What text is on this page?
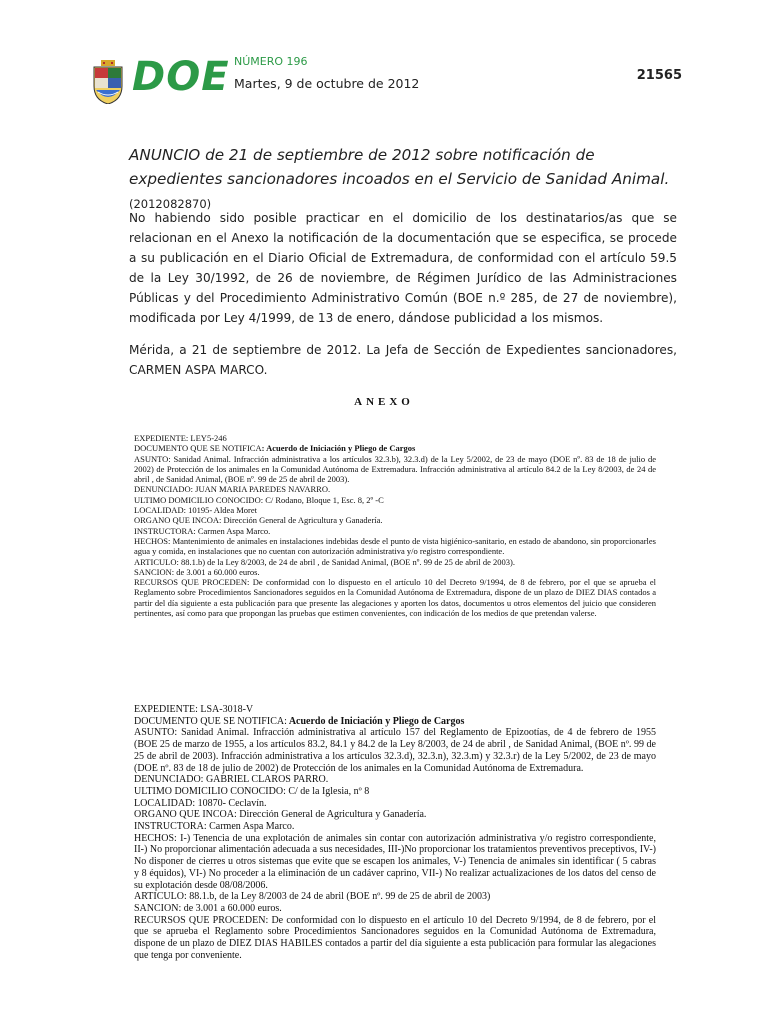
DOE NÚMERO 196
Martes, 9 de octubre de 2012
21565
ANUNCIO de 21 de septiembre de 2012 sobre notificación de expedientes sancionadores incoados en el Servicio de Sanidad Animal. (2012082870)
No habiendo sido posible practicar en el domicilio de los destinatarios/as que se relacionan en el Anexo la notificación de la documentación que se especifica, se procede a su publicación en el Diario Oficial de Extremadura, de conformidad con el artículo 59.5 de la Ley 30/1992, de 26 de noviembre, de Régimen Jurídico de las Administraciones Públicas y del Procedimiento Administrativo Común (BOE n.º 285, de 27 de noviembre), modificada por Ley 4/1999, de 13 de enero, dándose publicidad a los mismos.
Mérida, a 21 de septiembre de 2012. La Jefa de Sección de Expedientes sancionadores, CARMEN ASPA MARCO.
ANEXO
EXPEDIENTE: LEY5-246
DOCUMENTO QUE SE NOTIFICA: Acuerdo de Iniciación y Pliego de Cargos
ASUNTO: Sanidad Animal. Infracción administrativa a los artículos 32.3.b), 32.3.d) de la Ley 5/2002, de 23 de mayo (DOE nº. 83 de 18 de julio de 2002) de Protección de los animales en la Comunidad Autónoma de Extremadura. Infracción administrativa al artículo 84.2 de la Ley 8/2003, de 24 de abril , de Sanidad Animal, (BOE nº. 99 de 25 de abril de 2003).
DENUNCIADO: JUAN MARIA PAREDES NAVARRO.
ULTIMO DOMICILIO CONOCIDO: C/ Rodano, Bloque 1, Esc. 8, 2º -C
LOCALIDAD: 10195- Aldea Moret
ORGANO QUE INCOA: Dirección General de Agricultura y Ganadería.
INSTRUCTORA: Carmen Aspa Marco.
HECHOS: Mantenimiento de animales en instalaciones indebidas desde el punto de vista higiénico-sanitario, en estado de abandono, sin proporcionarles agua y comida, en instalaciones que no cuentan con autorización administrativa y/o registro correspondiente.
ARTICULO: 88.1.b) de la Ley 8/2003, de 24 de abril , de Sanidad Animal, (BOE nº. 99 de 25 de abril de 2003).
SANCION: de 3.001 a 60.000 euros.
RECURSOS QUE PROCEDEN: De conformidad con lo dispuesto en el artículo 10 del Decreto 9/1994, de 8 de febrero, por el que se aprueba el Reglamento sobre Procedimientos Sancionadores seguidos en la Comunidad Autónoma de Extremadura, dispone de un plazo de DIEZ DIAS contados a partir del día siguiente a esta publicación para que presente las alegaciones y aporten los datos, documentos u otros elementos del juicio que consideren pertinentes, así como para que propongan las pruebas que estimen convenientes, con indicación de los medios de que pretendan valerse.
EXPEDIENTE: LSA-3018-V
DOCUMENTO QUE SE NOTIFICA: Acuerdo de Iniciación y Pliego de Cargos
ASUNTO: Sanidad Animal. Infracción administrativa al artículo 157 del Reglamento de Epizootías, de 4 de febrero de 1955 (BOE 25 de marzo de 1955, a los artículos 83.2, 84.1 y 84.2 de la Ley 8/2003, de 24 de abril , de Sanidad Animal, (BOE nº. 99 de 25 de abril de 2003). Infracción administrativa a los artículos 32.3.d), 32.3.n), 32.3.m) y 32.3.r) de la Ley 5/2002, de 23 de mayo (DOE nº. 83 de 18 de julio de 2002) de Protección de los animales en la Comunidad Autónoma de Extremadura.
DENUNCIADO: GABRIEL CLAROS PARRO.
ULTIMO DOMICILIO CONOCIDO: C/ de la Iglesia, nº 8
LOCALIDAD: 10870- Ceclavín.
ORGANO QUE INCOA: Dirección General de Agricultura y Ganadería.
INSTRUCTORA: Carmen Aspa Marco.
HECHOS: I-) Tenencia de una explotación de animales sin contar con autorización administrativa y/o registro correspondiente, II-) No proporcionar alimentación adecuada a sus necesidades, III-)No proporcionar los tratamientos preventivos preceptivos, IV-) No disponer de cierres u otros sistemas que evite que se escapen los animales, V-) Tenencia de animales sin identificar ( 5 cabras y 8 équidos), VI-) No proceder a la eliminación de un cadáver caprino, VII-) No realizar actualizaciones de los datos del censo de su explotación desde 08/08/2006.
ARTICULO: 88.1.b, de la Ley 8/2003 de 24 de abril (BOE nº. 99 de 25 de abril de 2003)
SANCION: de 3.001 a 60.000 euros.
RECURSOS QUE PROCEDEN: De conformidad con lo dispuesto en el artículo 10 del Decreto 9/1994, de 8 de febrero, por el que se aprueba el Reglamento sobre Procedimientos Sancionadores seguidos en la Comunidad Autónoma de Extremadura, dispone de un plazo de DIEZ DIAS HABILES contados a partir del día siguiente a esta publicación para formular las alegaciones que tenga por conveniente.
